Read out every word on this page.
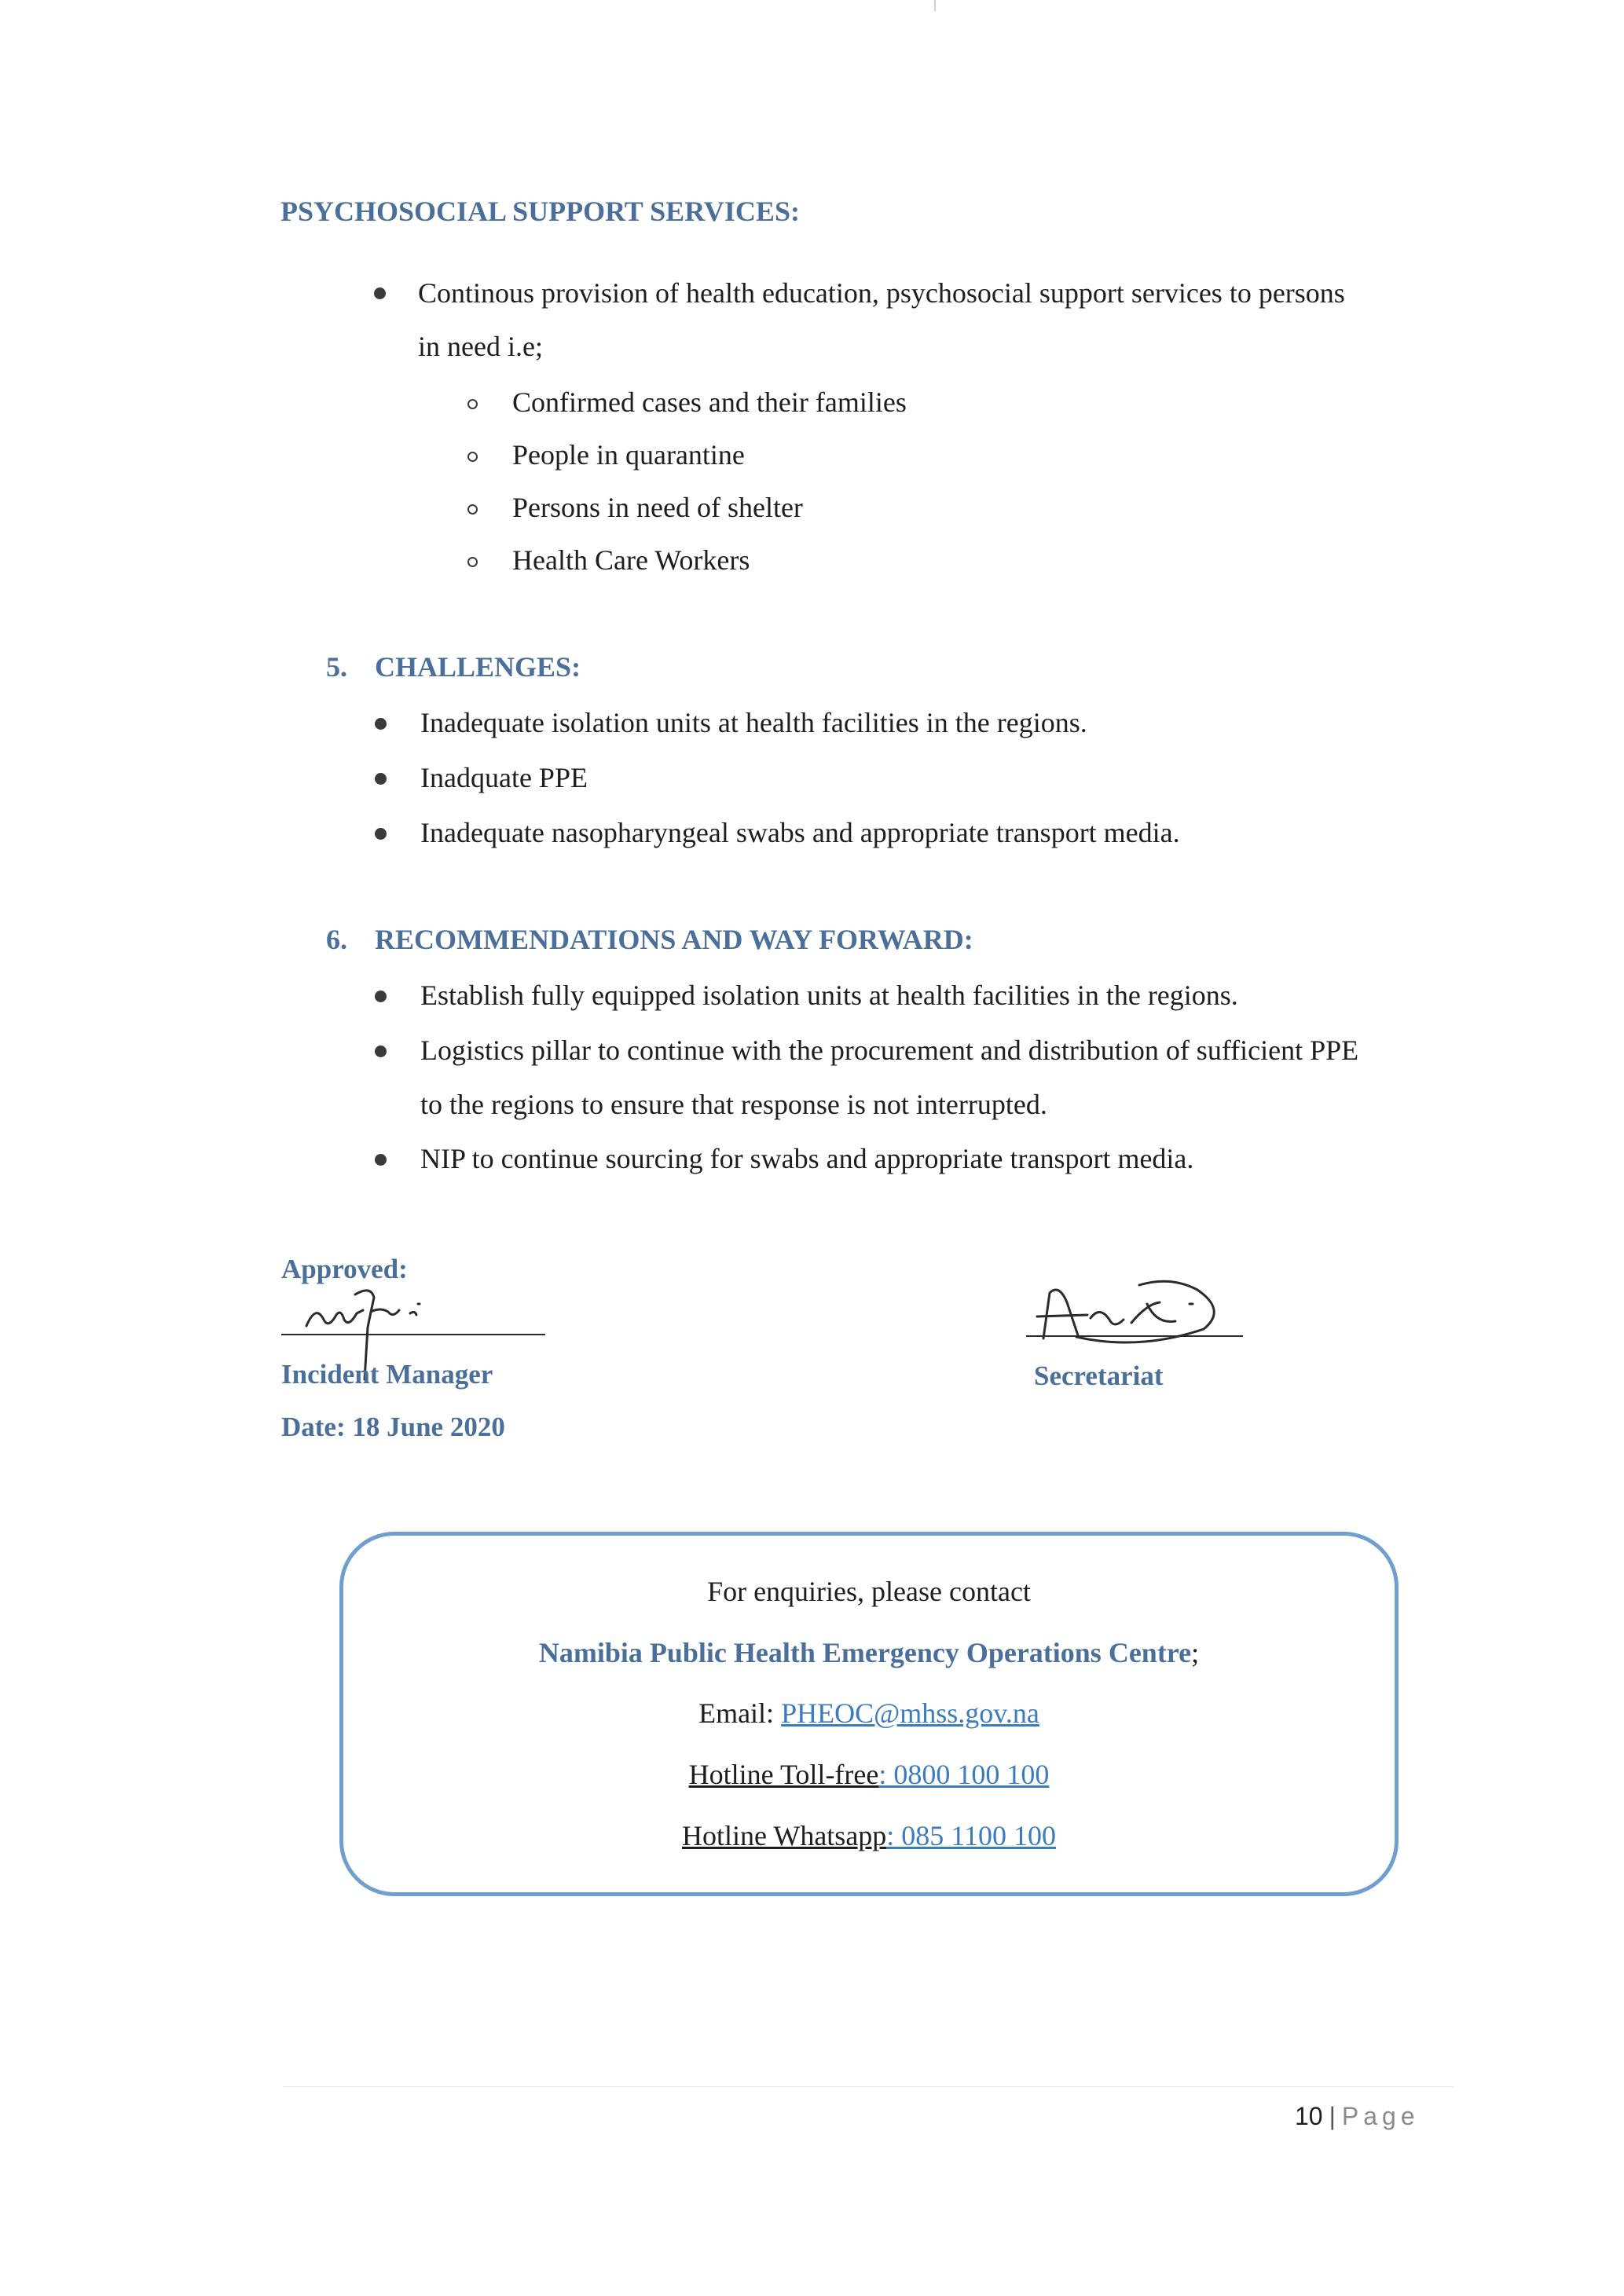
PSYCHOSOCIAL SUPPORT SERVICES:
Continous provision of health education, psychosocial support services to persons
in need i.e;
Confirmed cases and their families
People in quarantine
Persons in need of shelter
Health Care Workers
5. CHALLENGES:
Inadequate isolation units at health facilities in the regions.
Inadquate PPE
Inadequate nasopharyngeal swabs and appropriate transport media.
6. RECOMMENDATIONS AND WAY FORWARD:
Establish fully equipped isolation units at health facilities in the regions.
Logistics pillar to continue with the procurement and distribution of sufficient PPE
to the regions to ensure that response is not interrupted.
NIP to continue sourcing for swabs and appropriate transport media.
Approved:
Incident Manager
Date: 18 June 2020
Secretariat
For enquiries, please contact
Namibia Public Health Emergency Operations Centre;
Email: PHEOC@mhss.gov.na
Hotline Toll-free: 0800 100 100
Hotline Whatsapp: 085 1100 100
10 | Page
